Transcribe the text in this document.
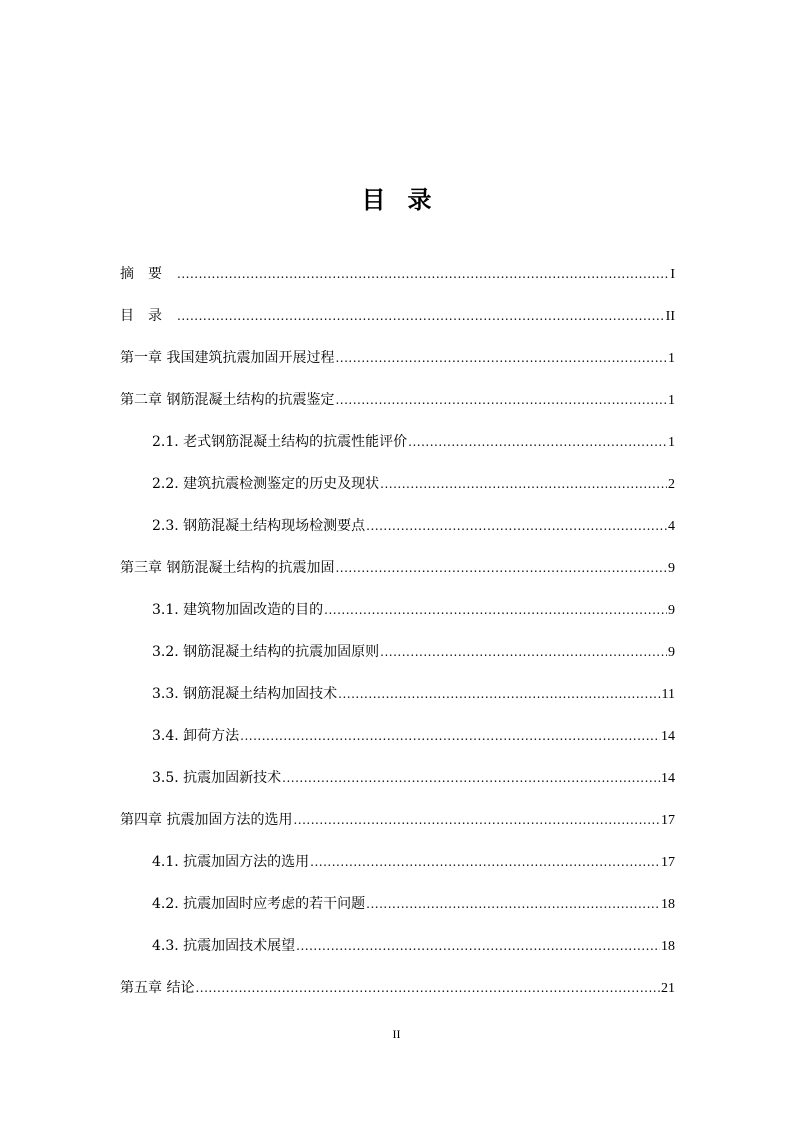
目录
摘要 .....	I
目录 .....	II
第一章 我国建筑抗震加固开展过程 .....	1
第二章 钢筋混凝土结构的抗震鉴定 .....	1
2.1. 老式钢筋混凝土结构的抗震性能评价 .....	1
2.2. 建筑抗震检测鉴定的历史及现状 .....	2
2.3. 钢筋混凝土结构现场检测要点 .....	4
第三章 钢筋混凝土结构的抗震加固 .....	9
3.1. 建筑物加固改造的目的 .....	9
3.2. 钢筋混凝土结构的抗震加固原则 .....	9
3.3. 钢筋混凝土结构加固技术 .....	11
3.4. 卸荷方法 .....	14
3.5. 抗震加固新技术 .....	14
第四章 抗震加固方法的选用 .....	17
4.1. 抗震加固方法的选用 .....	17
4.2. 抗震加固时应考虑的若干问题 .....	18
4.3. 抗震加固技术展望 .....	18
第五章 结论 .....	21
II
